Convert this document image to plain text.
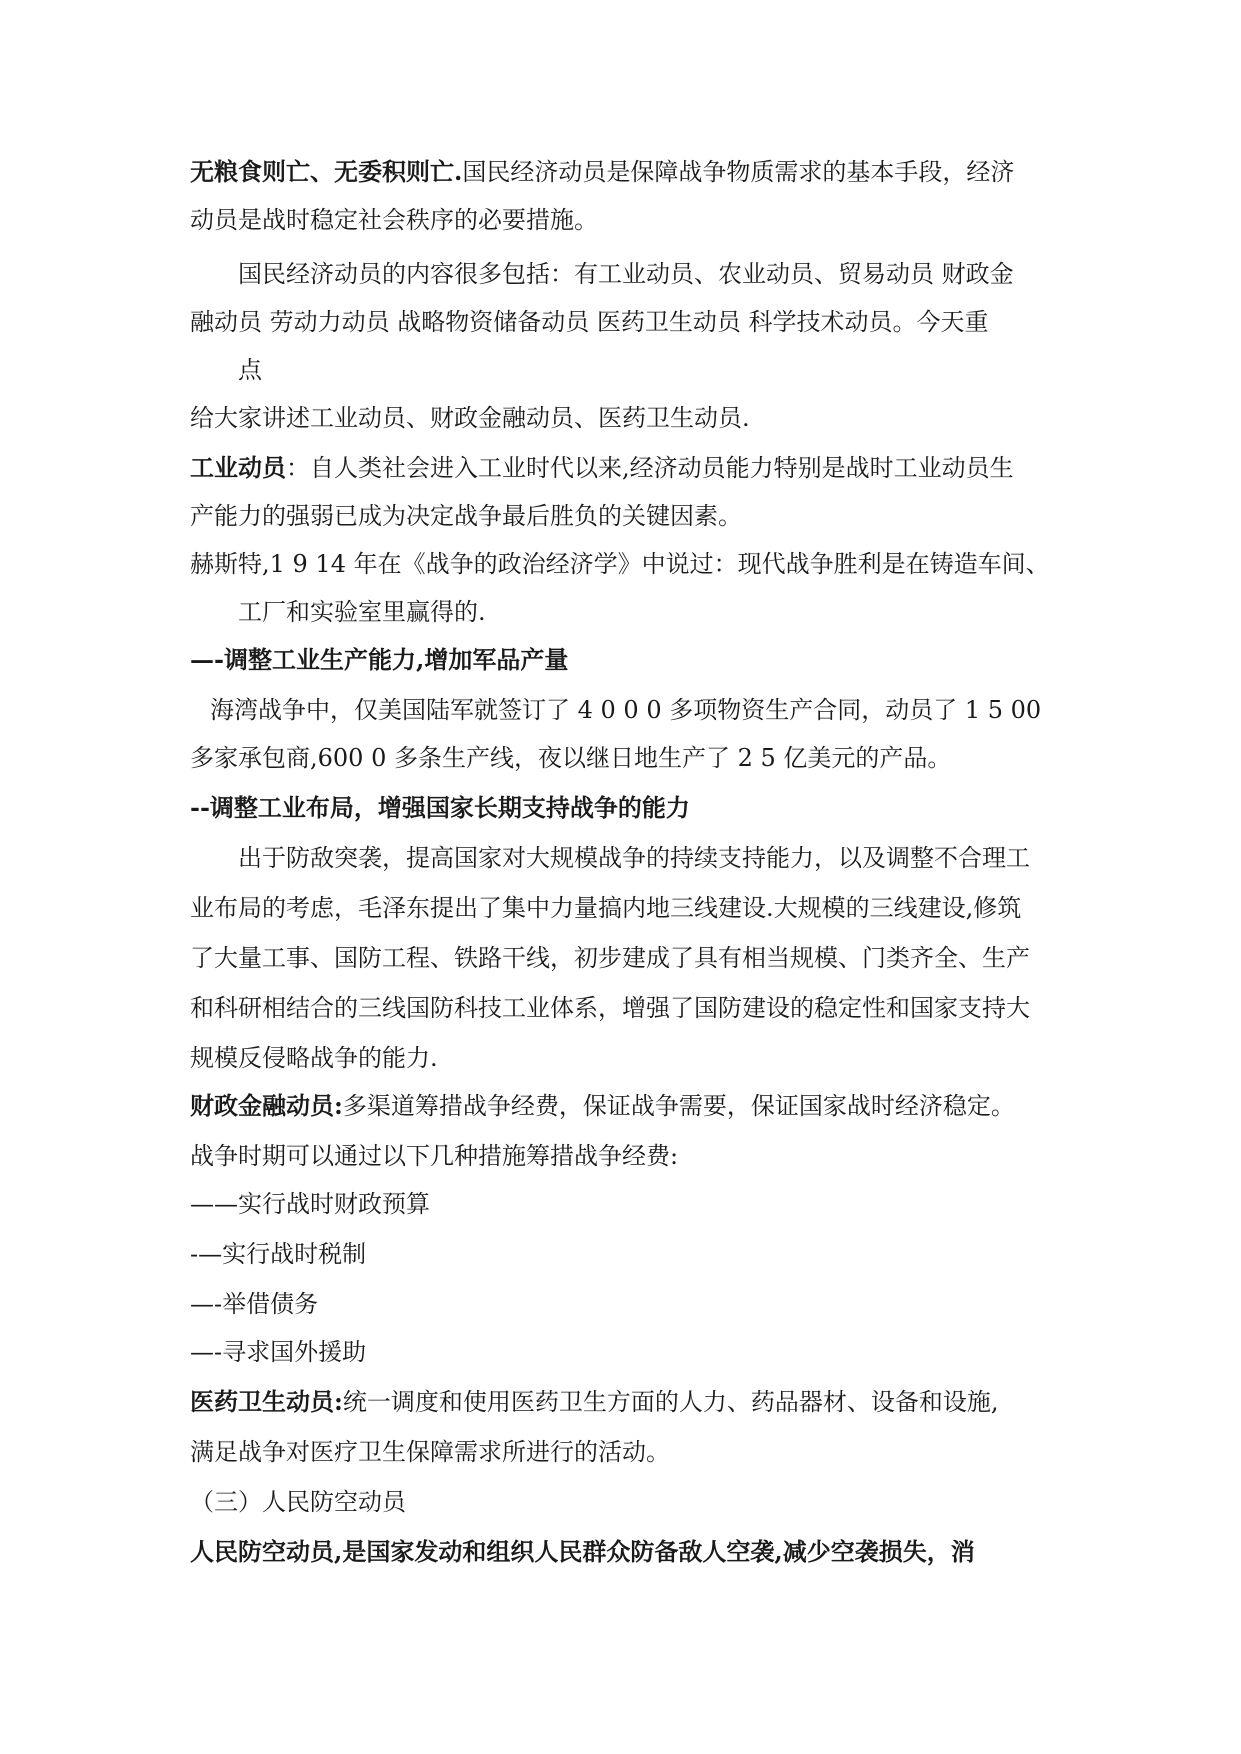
无粮食则亡、无委积则亡.国民经济动员是保障战争物质需求的基本手段，经济
动员是战时稳定社会秩序的必要措施。
国民经济动员的内容很多包括：有工业动员、农业动员、贸易动员 财政金
融动员 劳动力动员 战略物资储备动员 医药卫生动员 科学技术动员。今天重
点
给大家讲述工业动员、财政金融动员、医药卫生动员.
工业动员：自人类社会进入工业时代以来,经济动员能力特别是战时工业动员生
产能力的强弱已成为决定战争最后胜负的关键因素。
赫斯特,1 9 14 年在《战争的政治经济学》中说过：现代战争胜利是在铸造车间、
工厂和实验室里赢得的.
—-调整工业生产能力,增加军品产量
海湾战争中，仅美国陆军就签订了 4 0 0 0 多项物资生产合同，动员了 1 5 00
多家承包商,600 0 多条生产线，夜以继日地生产了 2 5 亿美元的产品。
--调整工业布局，增强国家长期支持战争的能力
出于防敌突袭，提高国家对大规模战争的持续支持能力，以及调整不合理工
业布局的考虑，毛泽东提出了集中力量搞内地三线建设.大规模的三线建设,修筑
了大量工事、国防工程、铁路干线，初步建成了具有相当规模、门类齐全、生产
和科研相结合的三线国防科技工业体系，增强了国防建设的稳定性和国家支持大
规模反侵略战争的能力.
财政金融动员:多渠道筹措战争经费，保证战争需要，保证国家战时经济稳定。
战争时期可以通过以下几种措施筹措战争经费:
——实行战时财政预算
-—实行战时税制
—-举借债务
—-寻求国外援助
医药卫生动员:统一调度和使用医药卫生方面的人力、药品器材、设备和设施,
满足战争对医疗卫生保障需求所进行的活动。
（三）人民防空动员
人民防空动员,是国家发动和组织人民群众防备敌人空袭,减少空袭损失，消
